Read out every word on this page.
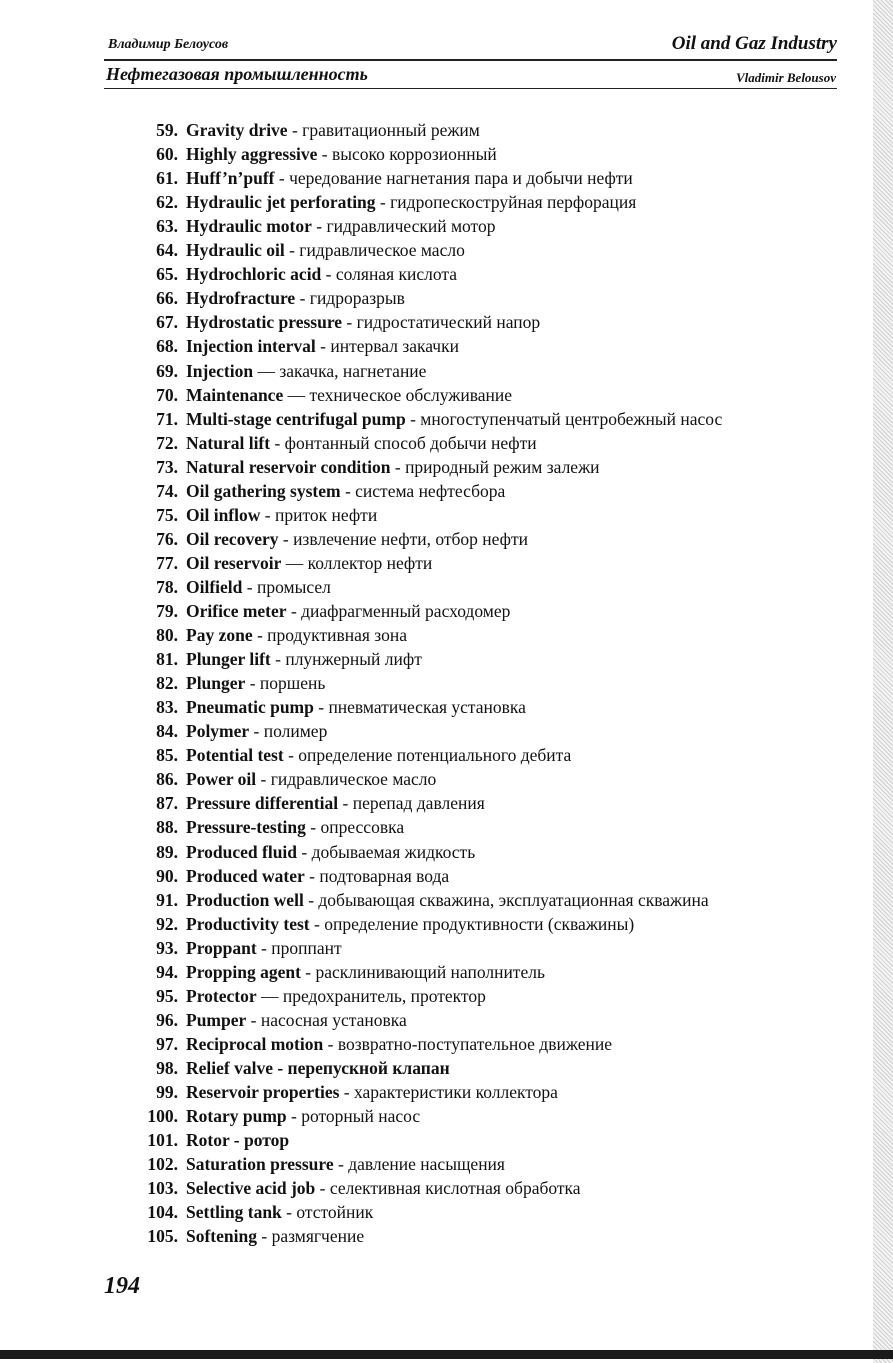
Владимир Белоусов	Oil and Gaz Industry
Нефтегазовая промышленность	Vladimir Belousov
59. Gravity drive - гравитационный режим
60. Highly aggressive - высоко коррозионный
61. Huff’n’puff - чередование нагнетания пара и добычи нефти
62. Hydraulic jet perforating - гидропескоструйная перфорация
63. Hydraulic motor - гидравлический мотор
64. Hydraulic oil - гидравлическое масло
65. Hydrochloric acid - соляная кислота
66. Hydrofracture - гидроразрыв
67. Hydrostatic pressure - гидростатический напор
68. Injection interval - интервал закачки
69. Injection — закачка, нагнетание
70. Maintenance — техническое обслуживание
71. Multi-stage centrifugal pump - многоступенчатый центробежный насос
72. Natural lift - фонтанный способ добычи нефти
73. Natural reservoir condition - природный режим залежи
74. Oil gathering system - система нефтесбора
75. Oil inflow - приток нефти
76. Oil recovery - извлечение нефти, отбор нефти
77. Oil reservoir — коллектор нефти
78. Oilfield - промысел
79. Orifice meter - диафрагменный расходомер
80. Pay zone - продуктивная зона
81. Plunger lift - плунжерный лифт
82. Plunger - поршень
83. Pneumatic pump - пневматическая установка
84. Polymer - полимер
85. Potential test - определение потенциального дебита
86. Power oil - гидравлическое масло
87. Pressure differential - перепад давления
88. Pressure-testing - опрессовка
89. Produced fluid - добываемая жидкость
90. Produced water - подтоварная вода
91. Production well - добывающая скважина, эксплуатационная скважина
92. Productivity test - определение продуктивности (скважины)
93. Proppant - проппант
94. Propping agent - расклинивающий наполнитель
95. Protector — предохранитель, протектор
96. Pumper - насосная установка
97. Reciprocal motion - возвратно-поступательное движение
98. Relief valve - перепускной клапан
99. Reservoir properties - характеристики коллектора
100. Rotary pump - роторный насос
101. Rotor - ротор
102. Saturation pressure - давление насыщения
103. Selective acid job - селективная кислотная обработка
104. Settling tank - отстойник
105. Softening - размягчение
194
